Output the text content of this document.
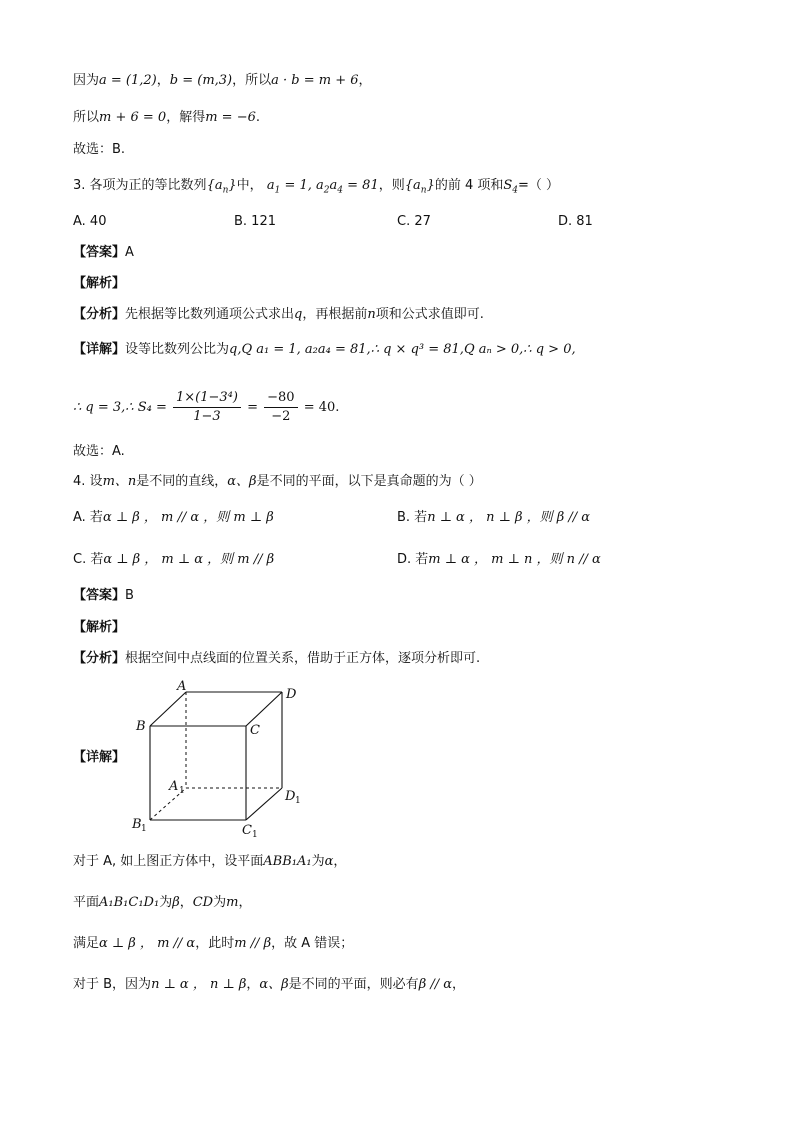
因为a = (1,2)，b = (m,3)，所以a · b = m + 6，
所以m + 6 = 0，解得m = −6.
故选：B.
3. 各项为正的等比数列$\{a_n\}$中， $a_1 = 1$, $a_2a_4 = 81$，则$\{a_n\}$的前 4 项和$S_4=$（ ）
A. 40	B. 121	C. 27	D. 81
【答案】A
【解析】
【分析】先根据等比数列通项公式求出q，再根据前n项和公式求值即可.
【详解】设等比数列公比为q,Q a₁ = 1, a₂a₄ = 81,∴ q × q³ = 81,Q aₙ > 0,∴ q > 0,
∴ q = 3,∴ $S_4 = \frac{\text{1×(1−3⁴)}}{1-3} = \frac{-80}{-2} = 40$.
故选：A.
4. 设m、n是不同的直线，α、β是不同的平面，以下是真命题的为（ ）
A. 若α ⊥ β ， m // α ，则 m ⊥ β	B. 若n ⊥ α ， n ⊥ β ，则 β // α
C. 若α ⊥ β ， m ⊥ α ，则 m // β	D. 若m ⊥ α ， m ⊥ n ，则 n // α
【答案】B
【解析】
【分析】根据空间中点线面的位置关系，借助于正方体，逐项分析即可.
【详解】
A
D
B	C
A 1	D 1
B 1	C 1
对于 A, 如上图正方体中，设平面ABB₁A₁为α，
平面A₁B₁C₁D₁为β，CD为m，
满足α ⊥ β ， m // α，此时m // β，故 A 错误；
对于 B，因为n ⊥ α ， n ⊥ β，α、β是不同的平面，则必有β // α，
